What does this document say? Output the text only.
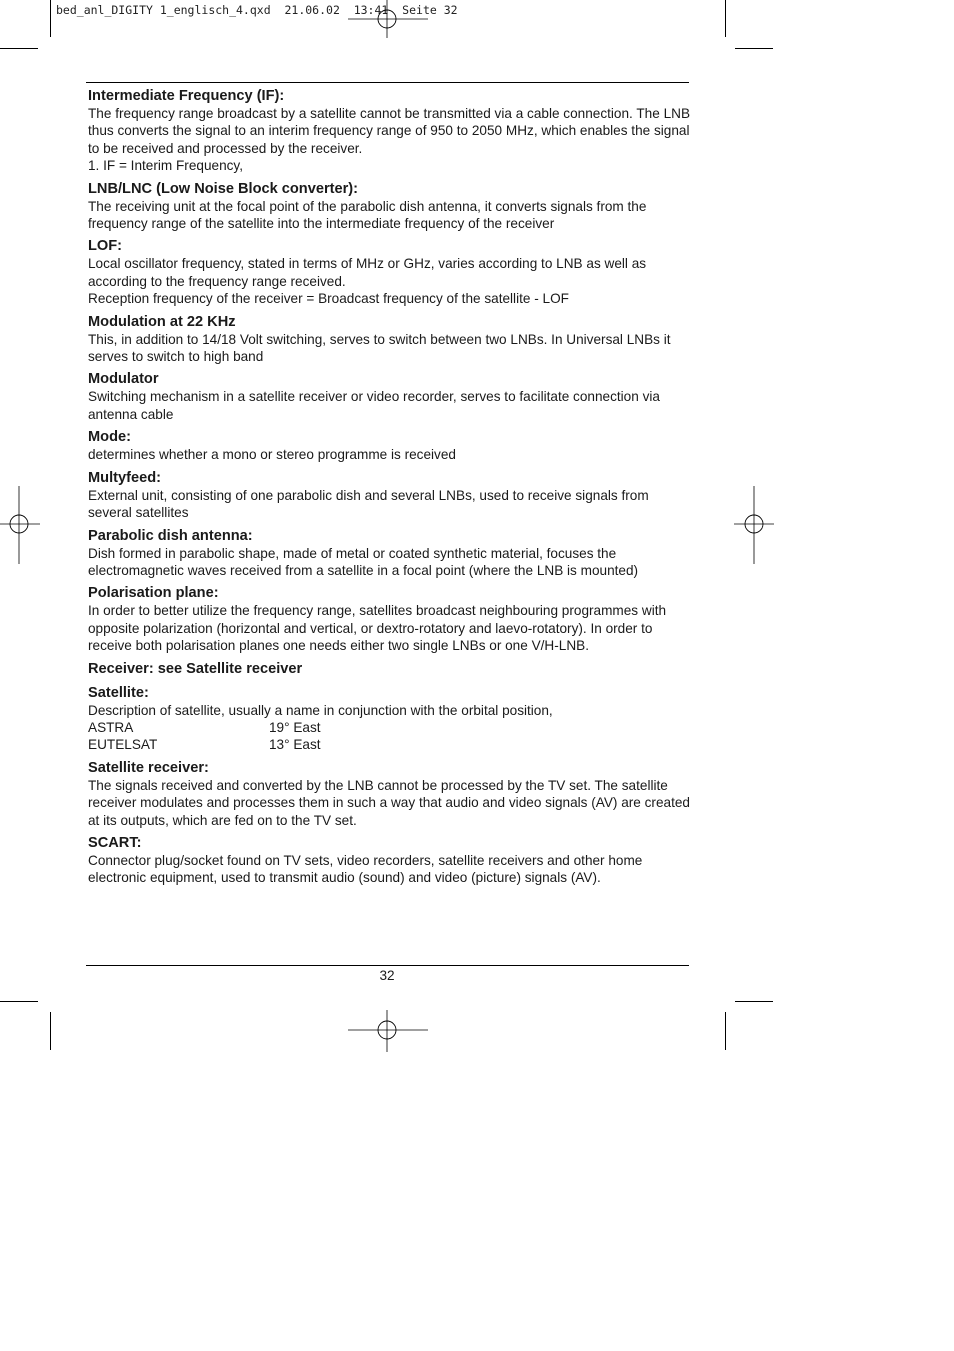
bed_anl_DIGITY 1_englisch_4.qxd  21.06.02  13:41  Seite 32
Intermediate Frequency (IF):

The frequency range broadcast by a satellite cannot be transmitted via a cable connection. The LNB thus converts the signal to an interim frequency range of 950 to 2050 MHz, which enables the signal to be received and processed by the receiver.

1. IF = Interim Frequency,

LNB/LNC (Low Noise Block converter):

The receiving unit at the focal point of the parabolic dish antenna, it converts signals from the frequency range of the satellite into the intermediate frequency of the receiver

LOF:

Local oscillator frequency, stated in terms of MHz or GHz, varies according to LNB as well as according to the frequency range received.

Reception frequency of the receiver = Broadcast frequency of the satellite - LOF

Modulation at 22 KHz

This, in addition to 14/18 Volt switching, serves to switch between two LNBs. In Universal LNBs it serves to switch to high band

Modulator

Switching mechanism in a satellite receiver or video recorder, serves to facilitate connection via antenna cable

Mode:

determines whether a mono or stereo programme is received

Multyfeed:

External unit, consisting of one parabolic dish and several LNBs, used to receive signals from several satellites

Parabolic dish antenna:

Dish formed in parabolic shape, made of metal or coated synthetic material, focuses the electromagnetic waves received from a satellite in a focal point (where the LNB is mounted)

Polarisation plane:

In order to better utilize the frequency range, satellites broadcast neighbouring programmes with opposite polarization (horizontal and vertical, or dextro-rotatory and laevo-rotatory). In order to receive both polarisation planes one needs either two single LNBs or one V/H-LNB.

Receiver: see Satellite receiver
Satellite:

Description of satellite, usually a name in conjunction with the orbital position,

ASTRA	19° East
EUTELSAT	13° East
Satellite receiver:

The signals received and converted by the LNB cannot be processed by the TV set. The satellite receiver modulates and processes them in such a way that audio and video signals (AV) are created at its outputs, which are fed on to the TV set.

SCART:

Connector plug/socket found on TV sets, video recorders, satellite receivers and other home electronic equipment, used to transmit audio (sound) and video (picture) signals (AV).

32
